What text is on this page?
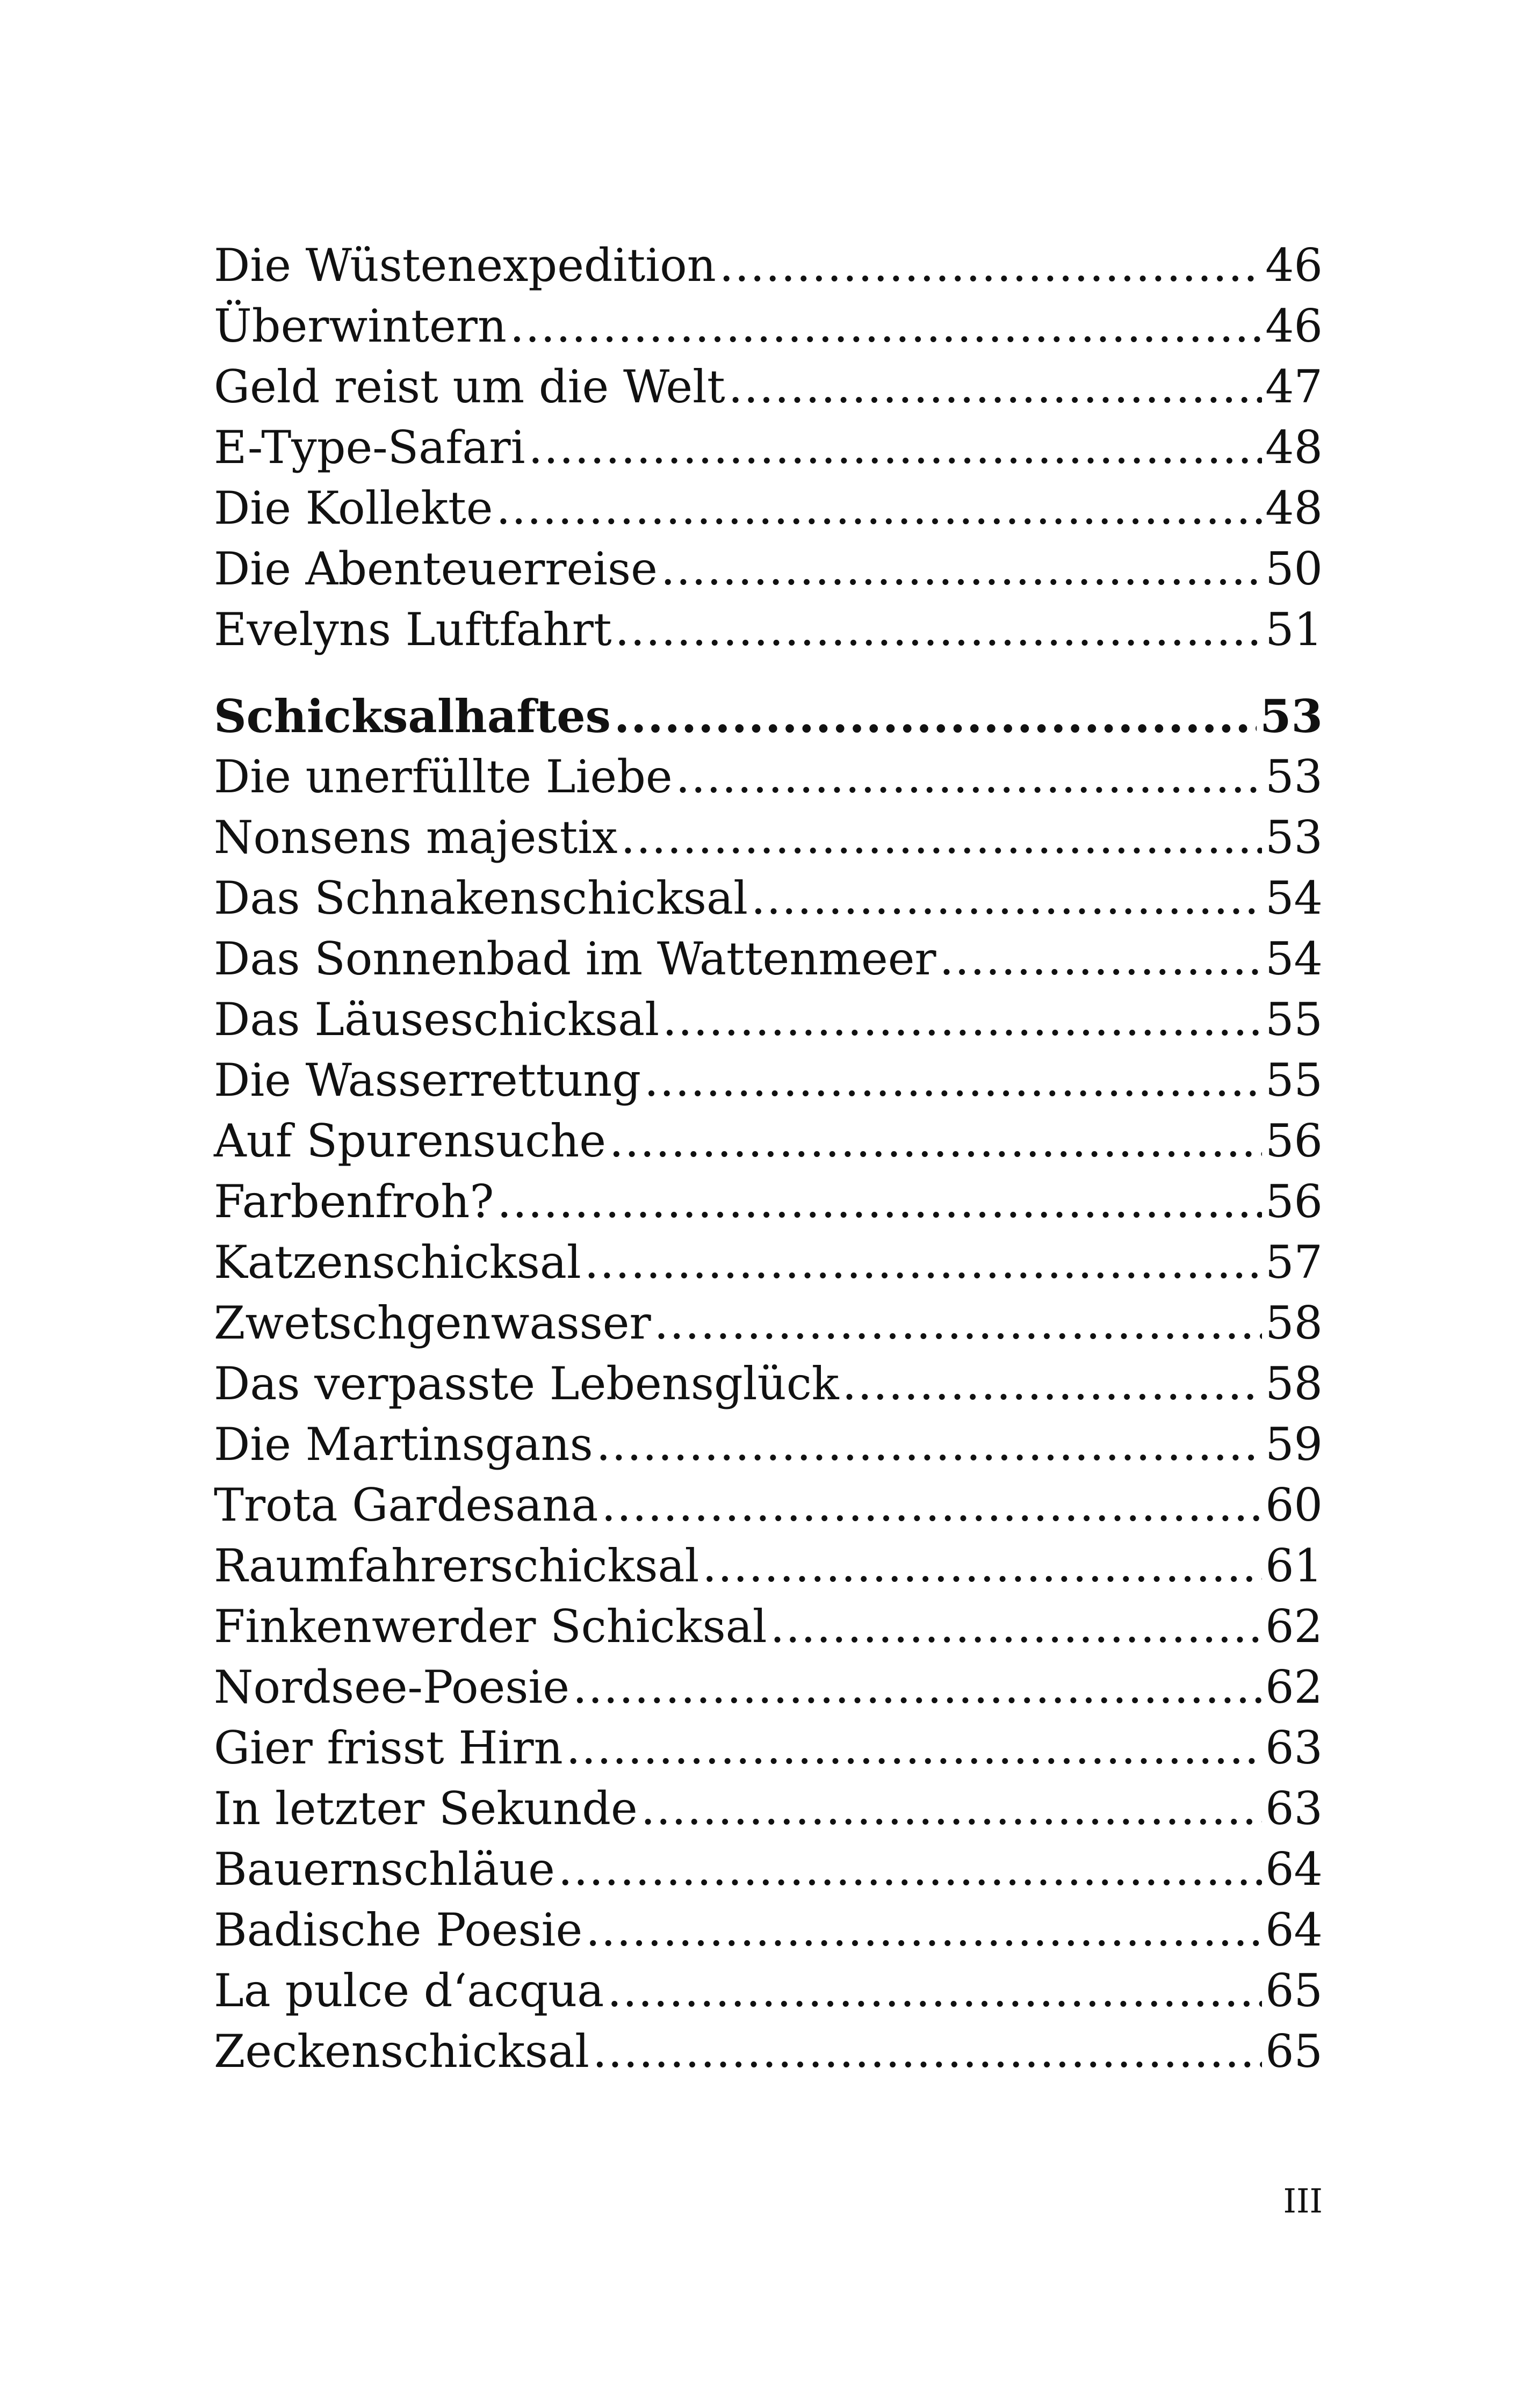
Die Wüstenexpedition .....	46
Überwintern .....	46
Geld reist um die Welt .....	47
E-Type-Safari .....	48
Die Kollekte .....	48
Die Abenteuerreise .....	50
Evelyns Luftfahrt .....	51
Schicksalhaftes .....	53
Die unerfüllte Liebe .....	53
Nonsens majestix .....	53
Das Schnakenschicksal .....	54
Das Sonnenbad im Wattenmeer .....	54
Das Läuseschicksal .....	55
Die Wasserrettung .....	55
Auf Spurensuche .....	56
Farbenfroh? .....	56
Katzenschicksal .....	57
Zwetschgenwasser .....	58
Das verpasste Lebensglück .....	58
Die Martinsgans .....	59
Trota Gardesana .....	60
Raumfahrerschicksal .....	61
Finkenwerder Schicksal .....	62
Nordsee-Poesie .....	62
Gier frisst Hirn .....	63
In letzter Sekunde .....	63
Bauernschläue .....	64
Badische Poesie .....	64
La pulce d‘acqua .....	65
Zeckenschicksal .....	65
III
